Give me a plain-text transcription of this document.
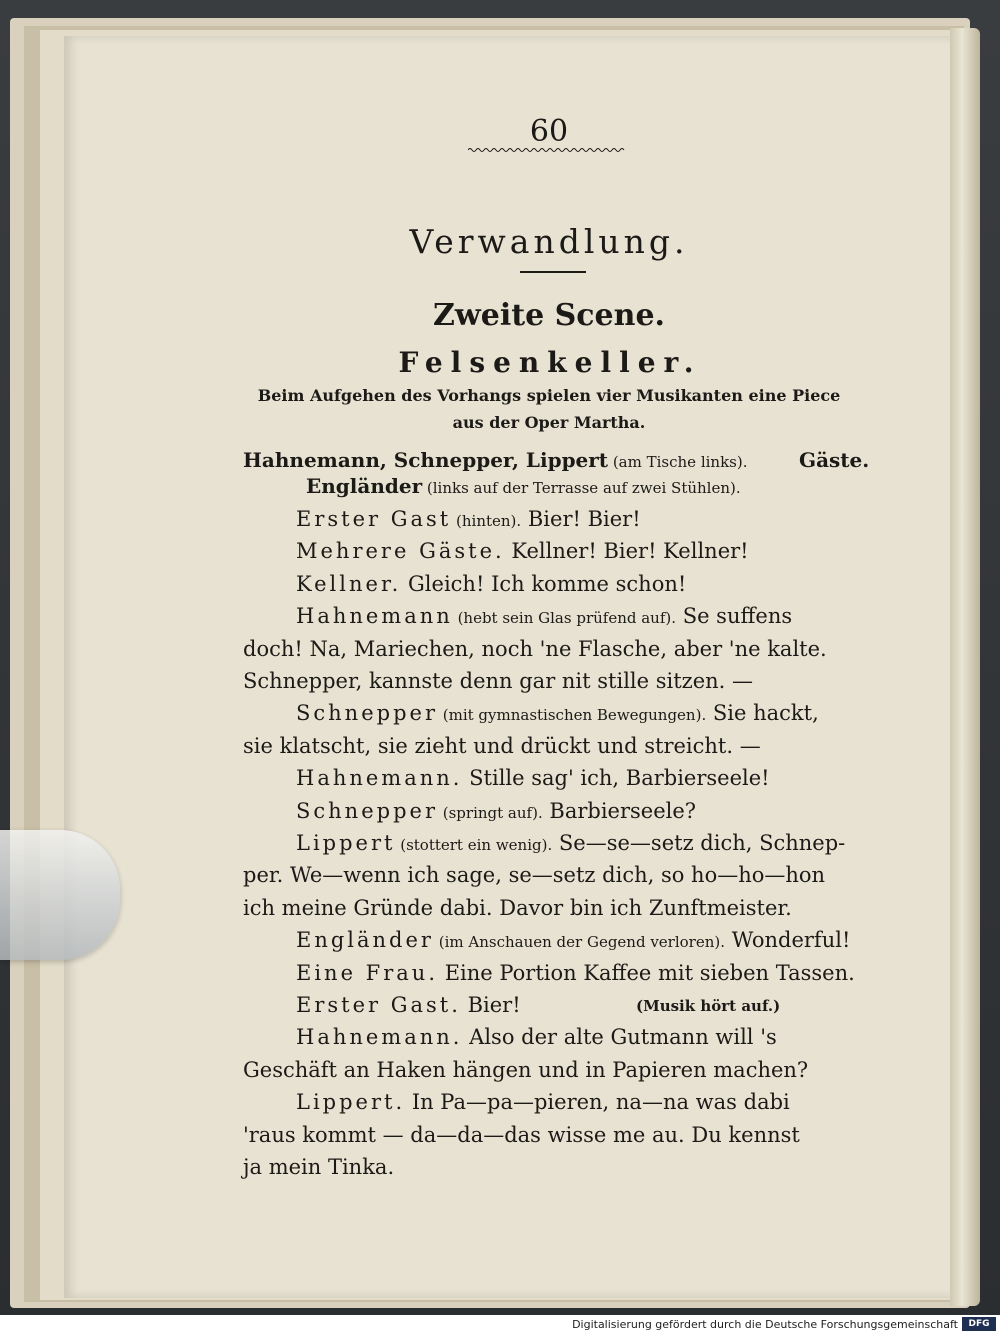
60
Verwandlung.
Zweite Scene.
Felsenkeller.
Beim Aufgehen des Vorhangs spielen vier Musikanten eine Piece
aus der Oper Martha.
Hahnemann, Schnepper, Lippert (am Tische links).	Gäste.
Engländer (links auf der Terrasse auf zwei Stühlen).
Erster Gast (hinten). Bier! Bier!
Mehrere Gäste. Kellner! Bier! Kellner!
Kellner. Gleich! Ich komme schon!
Hahnemann (hebt sein Glas prüfend auf). Se suffens
doch! Na, Mariechen, noch 'ne Flasche, aber 'ne kalte.
Schnepper, kannste denn gar nit stille sitzen. —
Schnepper (mit gymnastischen Bewegungen). Sie hackt,
sie klatscht, sie zieht und drückt und streicht. —
Hahnemann. Stille sag' ich, Barbierseele!
Schnepper (springt auf). Barbierseele?
Lippert (stottert ein wenig). Se—se—setz dich, Schnep-
per. We—wenn ich sage, se—setz dich, so ho—ho—hon
ich meine Gründe dabi. Davor bin ich Zunftmeister.
Engländer (im Anschauen der Gegend verloren). Wonderful!
Eine Frau. Eine Portion Kaffee mit sieben Tassen.
Erster Gast. Bier!	(Musik hört auf.)
Hahnemann. Also der alte Gutmann will 's
Geschäft an Haken hängen und in Papieren machen?
Lippert. In Pa—pa—pieren, na—na was dabi
'raus kommt — da—da—das wisse me au. Du kennst
ja mein Tinka.
Digitalisierung gefördert durch die Deutsche Forschungsgemeinschaft	DFG
